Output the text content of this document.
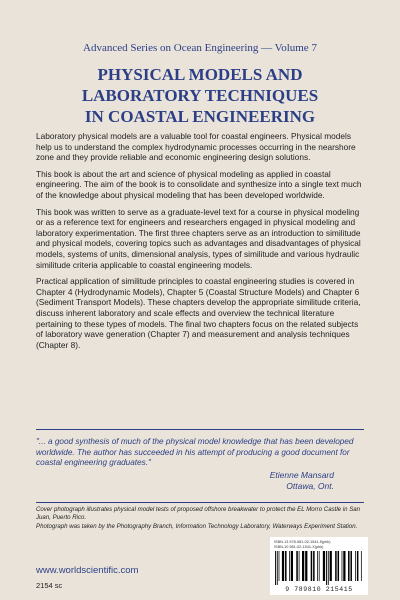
Advanced Series on Ocean Engineering — Volume 7
PHYSICAL MODELS AND
LABORATORY TECHNIQUES
IN COASTAL ENGINEERING

Laboratory physical models are a valuable tool for coastal engineers. Physical models help us to understand the complex hydrodynamic processes occurring in the nearshore zone and they provide reliable and economic engineering design solutions.

This book is about the art and science of physical modeling as applied in coastal engineering. The aim of the book is to consolidate and synthesize into a single text much of the knowledge about physical modeling that has been developed worldwide.

This book was written to serve as a graduate-level text for a course in physical modeling or as a reference text for engineers and researchers engaged in physical modeling and laboratory experimentation. The first three chapters serve as an introduction to similitude and physical models, covering topics such as advantages and disadvantages of physical models, systems of units, dimensional analysis, types of similitude and various hydraulic similitude criteria applicable to coastal engineering models.

Practical application of similitude principles to coastal engineering studies is covered in Chapter 4 (Hydrodynamic Models), Chapter 5 (Coastal Structure Models) and Chapter 6 (Sediment Transport Models). These chapters develop the appropriate similitude criteria, discuss inherent laboratory and scale effects and overview the technical literature pertaining to these types of models. The final two chapters focus on the related subjects of laboratory wave generation (Chapter 7) and measurement and analysis techniques (Chapter 8).

"... a good synthesis of much of the physical model knowledge that has been developed worldwide. The author has succeeded in his attempt of producing a good document for coastal engineering graduates."
Etienne Mansard
Ottawa, Ont.

Cover photograph illustrates physical model tests of proposed offshore breakwater to protect the EL Morro Castle in San Juan, Puerto Rico.

Photograph was taken by the Photography Branch, Information Technology Laboratory, Waterways Experiment Station.

www.worldscientific.com
2154 sc
ISBN-13 978-981-02-1541-5(pbk)
ISBN-10 981-02-1541-X(pbk)
9 789810 215415
